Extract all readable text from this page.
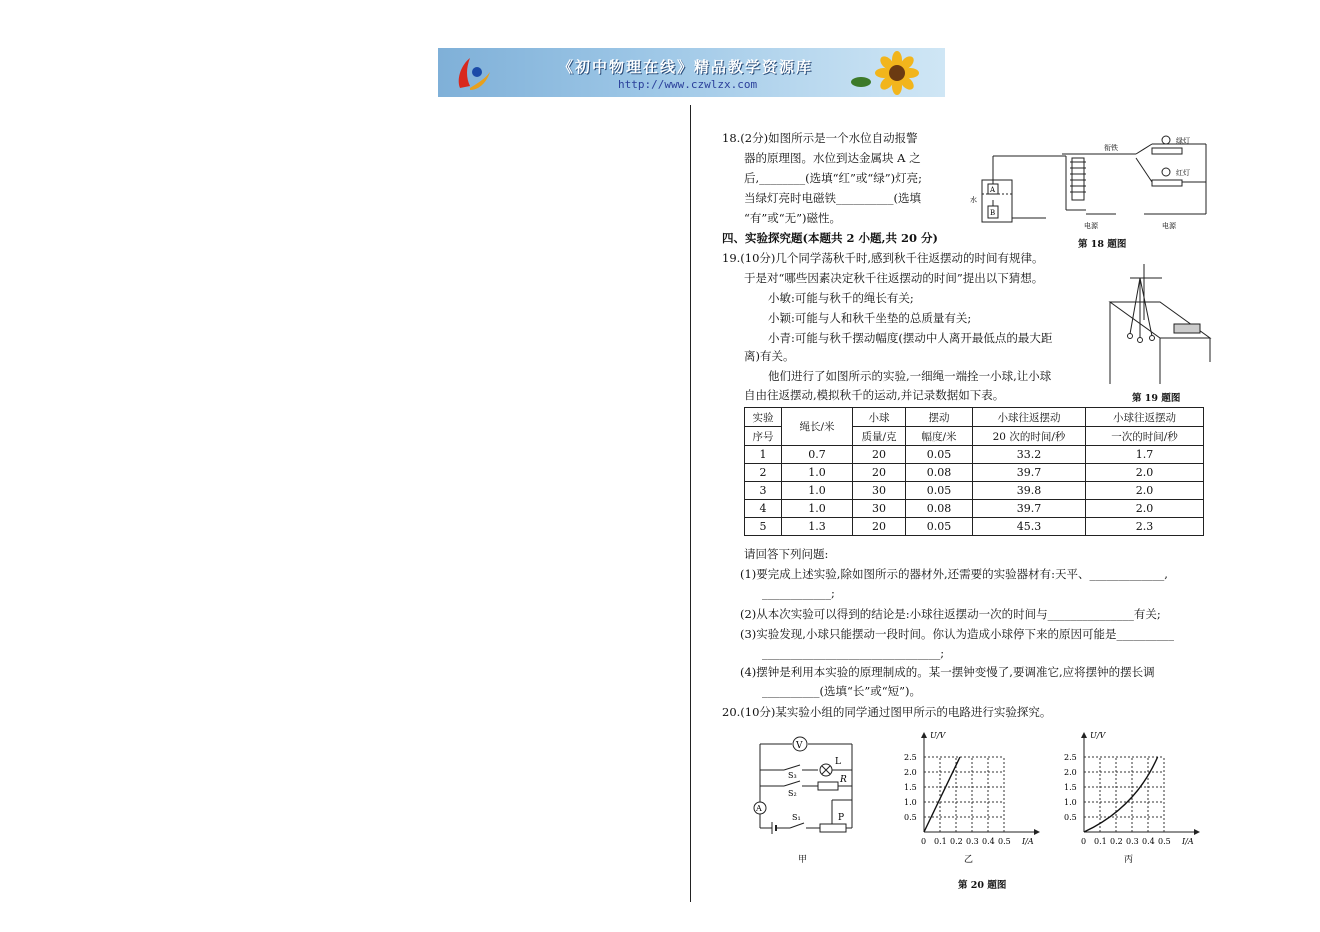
《初中物理在线》精品教学资源库
http://www.czwlzx.com
18.(2分)如图所示是一个水位自动报警
器的原理图。水位到达金属块 A 之
后,________(选填“红”或“绿”)灯亮;
当绿灯亮时电磁铁__________(选填
“有”或“无”)磁性。
衔铁
绿灯
红灯
水
A
B
电源	电源
第 18 题图
四、实验探究题(本题共 2 小题,共 20 分)
19.(10分)几个同学荡秋千时,感到秋千往返摆动的时间有规律。
于是对“哪些因素决定秋千往返摆动的时间”提出以下猜想。
小敏:可能与秋千的绳长有关;
小颖:可能与人和秋千坐垫的总质量有关;
小青:可能与秋千摆动幅度(摆动中人离开最低点的最大距
离)有关。
他们进行了如图所示的实验,一细绳一端拴一小球,让小球
自由往返摆动,模拟秋千的运动,并记录数据如下表。	第 19 题图
实验	绳长/米	小球	摆动	小球往返摆动	小球往返摆动
序号		质量/克	幅度/米	20 次的时间/秒	一次的时间/秒
1	0.7	20	0.05	33.2	1.7
2	1.0	20	0.08	39.7	2.0
3	1.0	30	0.05	39.8	2.0
4	1.0	30	0.08	39.7	2.0
5	1.3	20	0.05	45.3	2.3
请回答下列问题:
(1)要完成上述实验,除如图所示的器材外,还需要的实验器材有:天平、_____________,
____________;
(2)从本次实验可以得到的结论是:小球往返摆动一次的时间与_______________有关;
(3)实验发现,小球只能摆动一段时间。你认为造成小球停下来的原因可能是__________
_______________________________;
(4)摆钟是利用本实验的原理制成的。某一摆钟变慢了,要调准它,应将摆钟的摆长调
__________(选填“长”或“短”)。
20.(10分)某实验小组的同学通过图甲所示的电路进行实验探究。
V
A
L
R
S₃
S₂
S₁	P
甲
2.5
2.0
1.5
1.0
0.5
0 0.1 0.2 0.3 0.4 0.5
U/V
I/A
乙
2.5
2.0
1.5
1.0
0.5
0 0.1 0.2 0.3 0.4 0.5
U/V
I/A
丙
第 20 题图
